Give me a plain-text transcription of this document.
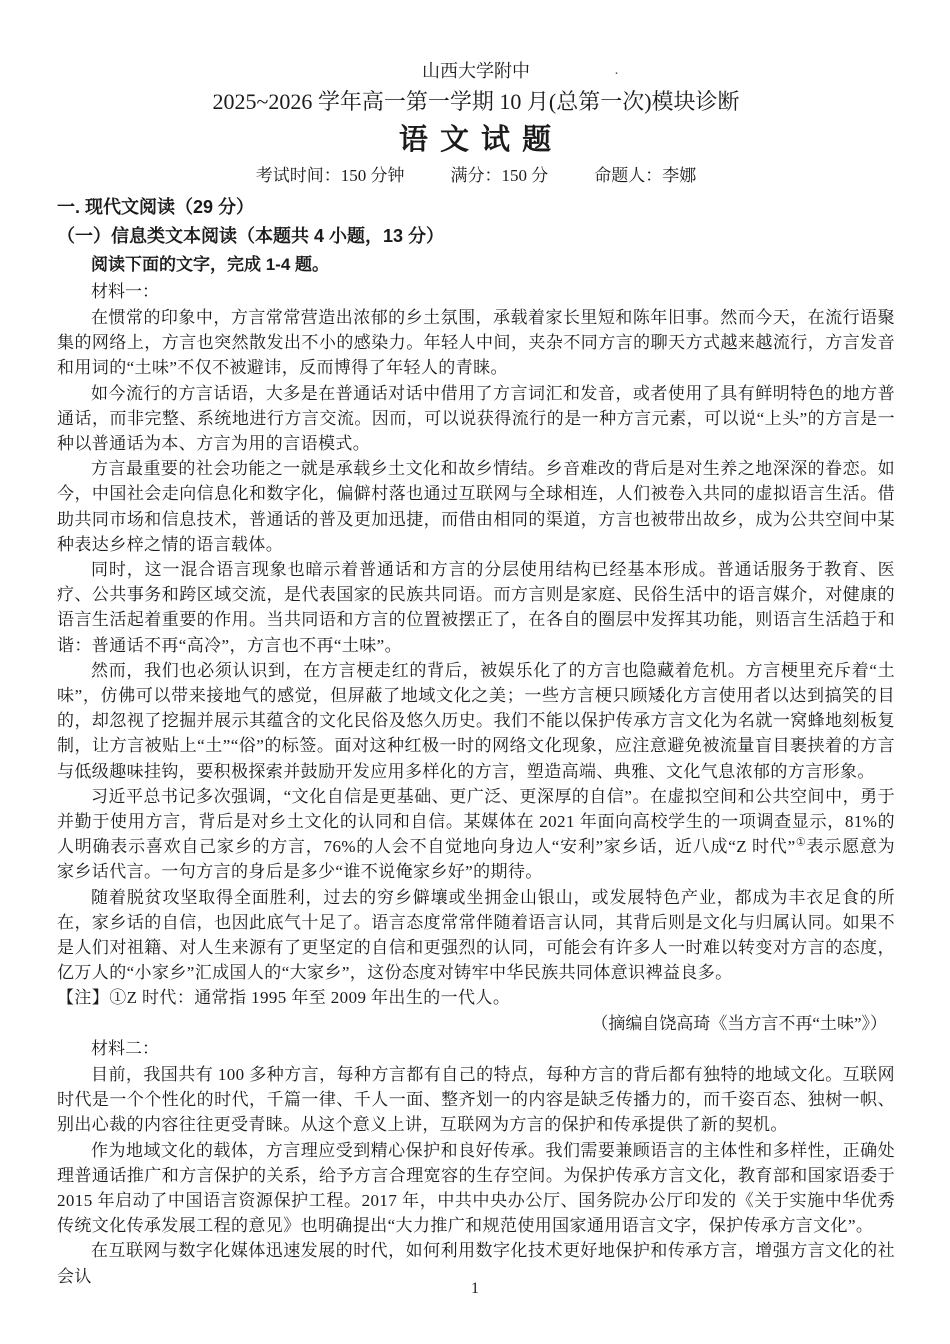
·
山西大学附中
2025~2026 学年高一第一学期 10 月(总第一次)模块诊断
语 文 试 题
考试时间：150 分钟	满分：150 分	命题人：李娜
一. 现代文阅读（29 分）
（一）信息类文本阅读（本题共 4 小题，13 分）
阅读下面的文字，完成 1-4 题。
材料一：
在惯常的印象中，方言常常营造出浓郁的乡土氛围，承载着家长里短和陈年旧事。然而今天，在流行语聚集的网络上，方言也突然散发出不小的感染力。年轻人中间，夹杂不同方言的聊天方式越来越流行，方言发音和用词的“土味”不仅不被避讳，反而博得了年轻人的青睐。
如今流行的方言话语，大多是在普通话对话中借用了方言词汇和发音，或者使用了具有鲜明特色的地方普通话，而非完整、系统地进行方言交流。因而，可以说获得流行的是一种方言元素，可以说“上头”的方言是一种以普通话为本、方言为用的言语模式。
方言最重要的社会功能之一就是承载乡土文化和故乡情结。乡音难改的背后是对生养之地深深的眷恋。如今，中国社会走向信息化和数字化，偏僻村落也通过互联网与全球相连，人们被卷入共同的虚拟语言生活。借助共同市场和信息技术，普通话的普及更加迅捷，而借由相同的渠道，方言也被带出故乡，成为公共空间中某种表达乡梓之情的语言载体。
同时，这一混合语言现象也暗示着普通话和方言的分层使用结构已经基本形成。普通话服务于教育、医疗、公共事务和跨区域交流，是代表国家的民族共同语。而方言则是家庭、民俗生活中的语言媒介，对健康的语言生活起着重要的作用。当共同语和方言的位置被摆正了，在各自的圈层中发挥其功能，则语言生活趋于和谐：普通话不再“高冷”，方言也不再“土味”。
然而，我们也必须认识到，在方言梗走红的背后，被娱乐化了的方言也隐藏着危机。方言梗里充斥着“土味”，仿佛可以带来接地气的感觉，但屏蔽了地域文化之美；一些方言梗只顾矮化方言使用者以达到搞笑的目的，却忽视了挖掘并展示其蕴含的文化民俗及悠久历史。我们不能以保护传承方言文化为名就一窝蜂地刻板复制，让方言被贴上“土”“俗”的标签。面对这种红极一时的网络文化现象，应注意避免被流量盲目裹挟着的方言与低级趣味挂钩，要积极探索并鼓励开发应用多样化的方言，塑造高端、典雅、文化气息浓郁的方言形象。
习近平总书记多次强调，“文化自信是更基础、更广泛、更深厚的自信”。在虚拟空间和公共空间中，勇于并勤于使用方言，背后是对乡土文化的认同和自信。某媒体在 2021 年面向高校学生的一项调查显示，81%的人明确表示喜欢自己家乡的方言，76%的人会不自觉地向身边人“安利”家乡话，近八成“Z 时代”①表示愿意为家乡话代言。一句方言的身后是多少“谁不说俺家乡好”的期待。
随着脱贫攻坚取得全面胜利，过去的穷乡僻壤或坐拥金山银山，或发展特色产业，都成为丰衣足食的所在，家乡话的自信，也因此底气十足了。语言态度常常伴随着语言认同，其背后则是文化与归属认同。如果不是人们对祖籍、对人生来源有了更坚定的自信和更强烈的认同，可能会有许多人一时难以转变对方言的态度，亿万人的“小家乡”汇成国人的“大家乡”，这份态度对铸牢中华民族共同体意识裨益良多。
【注】①Z 时代：通常指 1995 年至 2009 年出生的一代人。
（摘编自饶高琦《当方言不再“土味”》）
材料二：
目前，我国共有 100 多种方言，每种方言都有自己的特点，每种方言的背后都有独特的地域文化。互联网时代是一个个性化的时代，千篇一律、千人一面、整齐划一的内容是缺乏传播力的，而千姿百态、独树一帜、别出心裁的内容往往更受青睐。从这个意义上讲，互联网为方言的保护和传承提供了新的契机。
作为地域文化的载体，方言理应受到精心保护和良好传承。我们需要兼顾语言的主体性和多样性，正确处理普通话推广和方言保护的关系，给予方言合理宽容的生存空间。为保护传承方言文化，教育部和国家语委于 2015 年启动了中国语言资源保护工程。2017 年，中共中央办公厅、国务院办公厅印发的《关于实施中华优秀传统文化传承发展工程的意见》也明确提出“大力推广和规范使用国家通用语言文字，保护传承方言文化”。
在互联网与数字化媒体迅速发展的时代，如何利用数字化技术更好地保护和传承方言，增强方言文化的社会认
1
